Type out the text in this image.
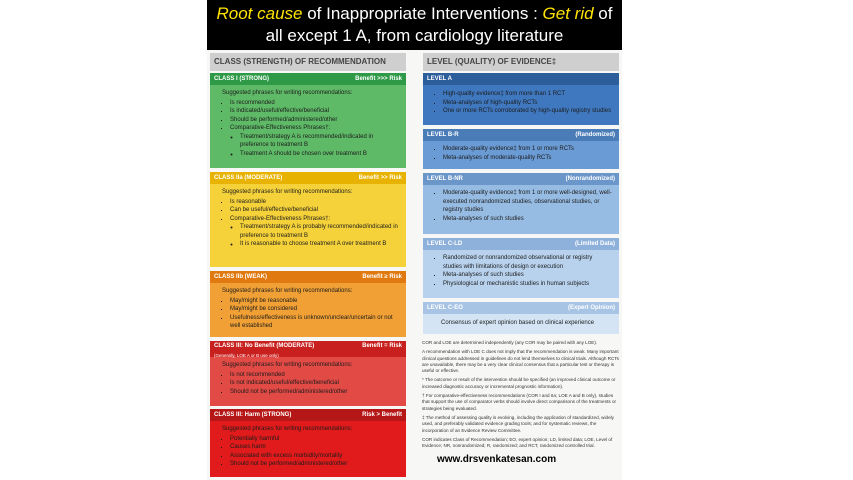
Root cause of Inappropriate Interventions : Get rid of all except 1 A, from cardiology literature
CLASS (STRENGTH) OF RECOMMENDATION	LEVEL (QUALITY) OF EVIDENCE‡
CLASS I (STRONG)	Benefit >>> Risk
Suggested phrases for writing recommendations:
▪ Is recommended
▪ Is indicated/useful/effective/beneficial
▪ Should be performed/administered/other
▪ Comparative-Effectiveness Phrases†:
◦ Treatment/strategy A is recommended/indicated in preference to treatment B
◦ Treatment A should be chosen over treatment B
CLASS IIa (MODERATE)	Benefit >> Risk
Suggested phrases for writing recommendations:
▪ Is reasonable
▪ Can be useful/effective/beneficial
▪ Comparative-Effectiveness Phrases†:
◦ Treatment/strategy A is probably recommended/indicated in preference to treatment B
◦ It is reasonable to choose treatment A over treatment B
CLASS IIb (WEAK)	Benefit ≥ Risk
Suggested phrases for writing recommendations:
▪ May/might be reasonable
▪ May/might be considered
▪ Usefulness/effectiveness is unknown/unclear/uncertain or not well established
CLASS III: No Benefit (MODERATE)
(Generally, LOE A or B use only)
Benefit = Risk
Suggested phrases for writing recommendations:
▪ Is not recommended
▪ Is not indicated/useful/effective/beneficial
▪ Should not be performed/administered/other
CLASS III: Harm (STRONG)	Risk > Benefit
Suggested phrases for writing recommendations:
▪ Potentially harmful
▪ Causes harm
▪ Associated with excess morbidity/mortality
▪ Should not be performed/administered/other
LEVEL A
▪ High-quality evidence‡ from more than 1 RCT
▪ Meta-analyses of high-quality RCTs
▪ One or more RCTs corroborated by high-quality registry studies
LEVEL B-R	(Randomized)
▪ Moderate-quality evidence‡ from 1 or more RCTs
▪ Meta-analyses of moderate-quality RCTs
LEVEL B-NR	(Nonrandomized)
▪ Moderate-quality evidence‡ from 1 or more well-designed, well-executed nonrandomized studies, observational studies, or registry studies
▪ Meta-analyses of such studies
LEVEL C-LD	(Limited Data)
▪ Randomized or nonrandomized observational or registry studies with limitations of design or execution
▪ Meta-analyses of such studies
▪ Physiological or mechanistic studies in human subjects
LEVEL C-EO	(Expert Opinion)
Consensus of expert opinion based on clinical experience

COR and LOE are determined independently (any COR may be paired with any LOE).

A recommendation with LOE C does not imply that the recommendation is weak. Many important clinical questions addressed in guidelines do not lend themselves to clinical trials. Although RCTs are unavailable, there may be a very clear clinical consensus that a particular test or therapy is useful or effective.

* The outcome or result of the intervention should be specified (an improved clinical outcome or increased diagnostic accuracy or incremental prognostic information).

† For comparative-effectiveness recommendations (COR I and IIa; LOE A and B only), studies that support the use of comparator verbs should involve direct comparisons of the treatments or strategies being evaluated.

‡ The method of assessing quality is evolving, including the application of standardized, widely used, and preferably validated evidence grading tools; and for systematic reviews, the incorporation of an Evidence Review Committee.

COR indicates Class of Recommendation; EO, expert opinion; LD, limited data; LOE, Level of Evidence; NR, nonrandomized; R, randomized; and RCT, randomized controlled trial.

www.drsvenkatesan.com
